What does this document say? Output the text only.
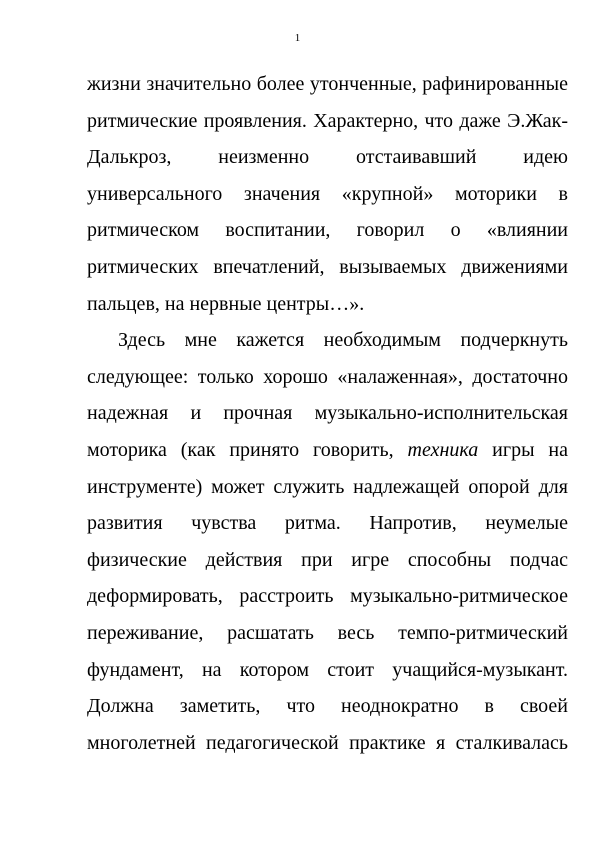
1
жизни значительно более утонченные, рафинированные
ритмические проявления. Характерно, что даже Э.Жак-
Далькроз, неизменно отстаивавший идею
универсального значения «крупной» моторики в
ритмическом воспитании, говорил о «влиянии
ритмических впечатлений, вызываемых движениями
пальцев, на нервные центры…».
Здесь мне кажется необходимым подчеркнуть
следующее: только хорошо «налаженная», достаточно
надежная и прочная музыкально-исполнительская
моторика (как принято говорить, техника игры на
инструменте) может служить надлежащей опорой для
развития чувства ритма. Напротив, неумелые
физические действия при игре способны подчас
деформировать, расстроить музыкально-ритмическое
переживание, расшатать весь темпо-ритмический
фундамент, на котором стоит учащийся-музыкант.
Должна заметить, что неоднократно в своей
многолетней педагогической практике я сталкивалась
